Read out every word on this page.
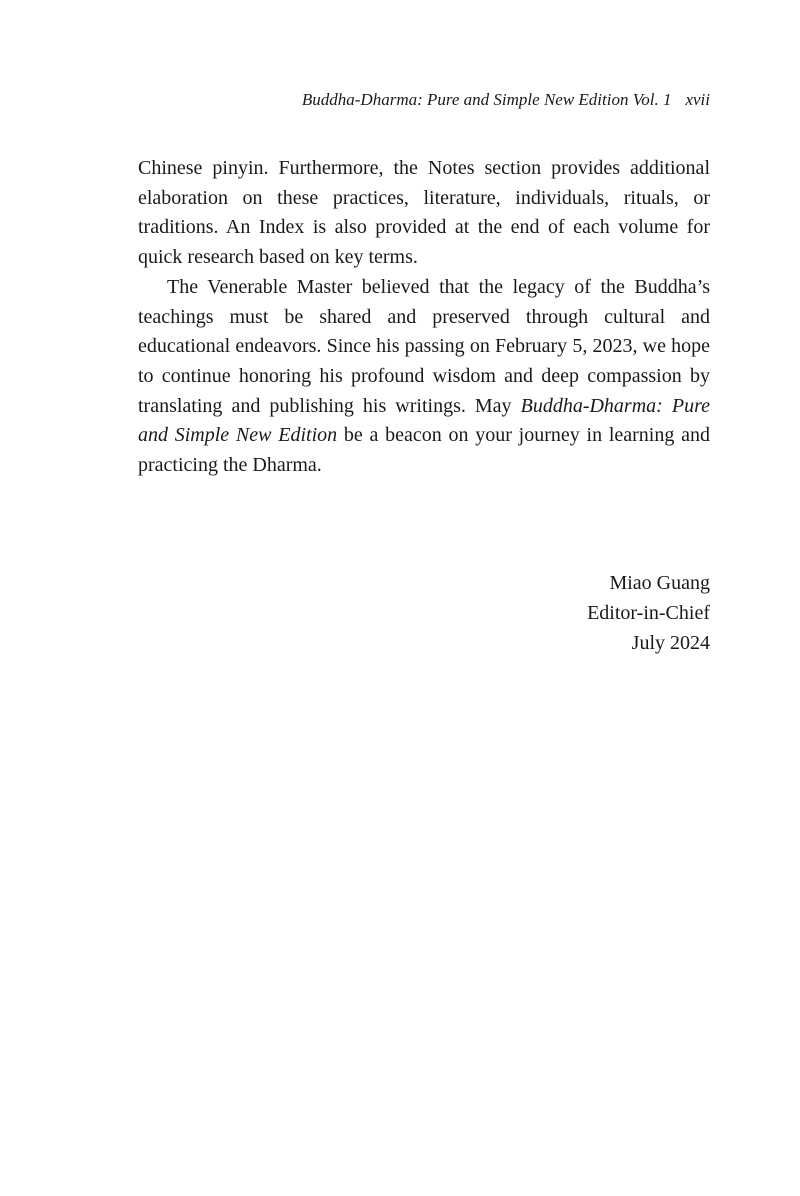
Buddha-Dharma: Pure and Simple New Edition Vol. 1 xvii

Chinese pinyin. Furthermore, the Notes section provides additional elaboration on these practices, literature, individuals, rituals, or traditions. An Index is also provided at the end of each volume for quick research based on key terms.

The Venerable Master believed that the legacy of the Buddha’s teachings must be shared and preserved through cultural and educational endeavors. Since his passing on February 5, 2023, we hope to continue honoring his profound wisdom and deep compassion by translating and publishing his writings. May Buddha-Dharma: Pure and Simple New Edition be a beacon on your journey in learning and practicing the Dharma.

Miao Guang
Editor-in-Chief
July 2024
